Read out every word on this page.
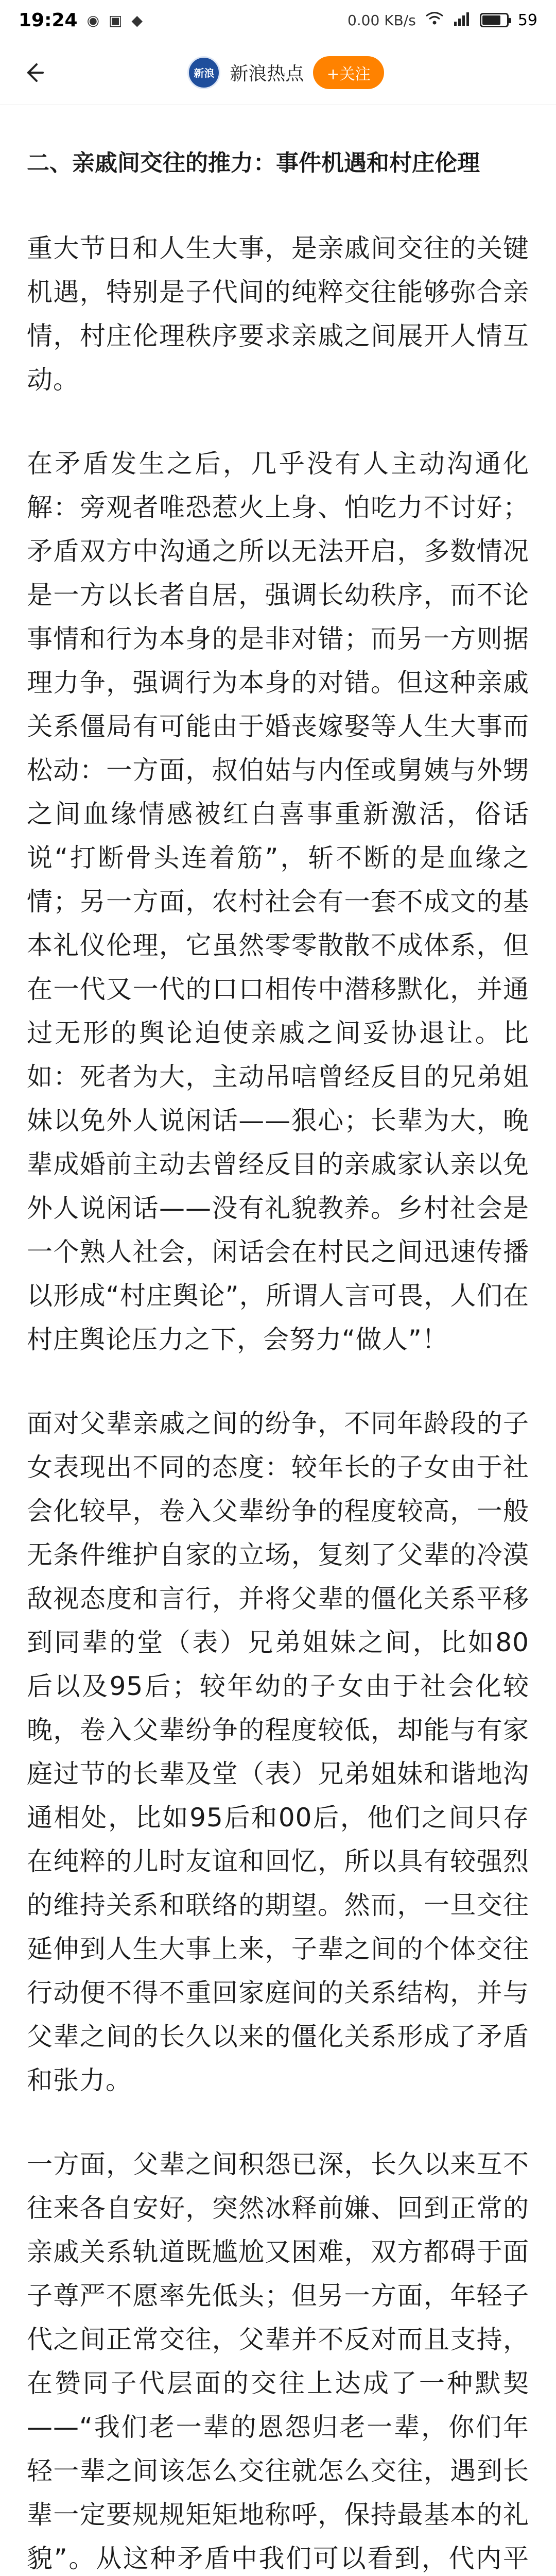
19:24 ◉ ▣ ◆	0.00 KB/s	59
新浪 新浪热点	+关注
二、亲戚间交往的推力：事件机遇和村庄伦理

重大节日和人生大事，是亲戚间交往的关键机遇，特别是子代间的纯粹交往能够弥合亲情，村庄伦理秩序要求亲戚之间展开人情互动。

在矛盾发生之后，几乎没有人主动沟通化解：旁观者唯恐惹火上身、怕吃力不讨好；矛盾双方中沟通之所以无法开启，多数情况是一方以长者自居，强调长幼秩序，而不论事情和行为本身的是非对错；而另一方则据理力争，强调行为本身的对错。但这种亲戚关系僵局有可能由于婚丧嫁娶等人生大事而松动：一方面，叔伯姑与内侄或舅姨与外甥之间血缘情感被红白喜事重新激活，俗话说“打断骨头连着筋”，斩不断的是血缘之情；另一方面，农村社会有一套不成文的基本礼仪伦理，它虽然零零散散不成体系，但在一代又一代的口口相传中潜移默化，并通过无形的舆论迫使亲戚之间妥协退让。比如：死者为大，主动吊唁曾经反目的兄弟姐妹以免外人说闲话——狠心；长辈为大，晚辈成婚前主动去曾经反目的亲戚家认亲以免外人说闲话——没有礼貌教养。乡村社会是一个熟人社会，闲话会在村民之间迅速传播以形成“村庄舆论”，所谓人言可畏，人们在村庄舆论压力之下，会努力“做人”！

面对父辈亲戚之间的纷争，不同年龄段的子女表现出不同的态度：较年长的子女由于社会化较早，卷入父辈纷争的程度较高，一般无条件维护自家的立场，复刻了父辈的冷漠敌视态度和言行，并将父辈的僵化关系平移到同辈的堂（表）兄弟姐妹之间，比如80后以及95后；较年幼的子女由于社会化较晚，卷入父辈纷争的程度较低，却能与有家庭过节的长辈及堂（表）兄弟姐妹和谐地沟通相处，比如95后和00后，他们之间只存在纯粹的儿时友谊和回忆，所以具有较强烈的维持关系和联络的期望。然而，一旦交往延伸到人生大事上来，子辈之间的个体交往行动便不得不重回家庭间的关系结构，并与父辈之间的长久以来的僵化关系形成了矛盾和张力。

一方面，父辈之间积怨已深，长久以来互不往来各自安好，突然冰释前嫌、回到正常的亲戚关系轨道既尴尬又困难，双方都碍于面子尊严不愿率先低头；但另一方面，年轻子代之间正常交往，父辈并不反对而且支持，在赞同子代层面的交往上达成了一种默契——“我们老一辈的恩怨归老一辈，你们年轻一辈之间该怎么交往就怎么交往，遇到长辈一定要规规矩矩地称呼，保持最基本的礼貌”。从这种矛盾中我们可以看到，代内平
